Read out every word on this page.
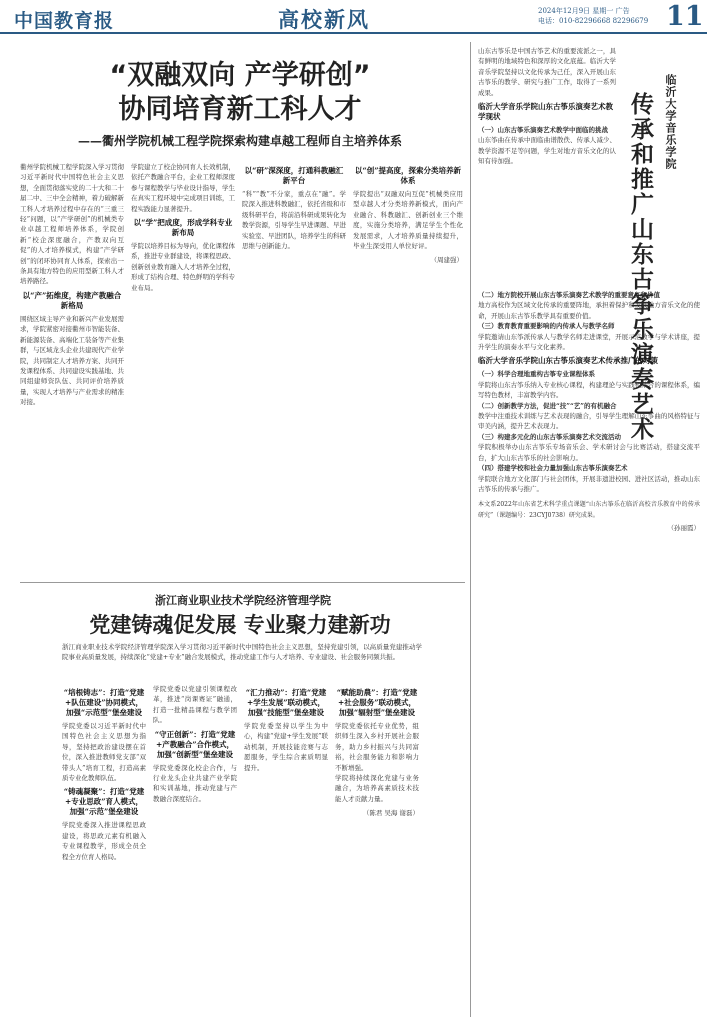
中国教育报	高校新风	2024年12月9日 星期一 广告
电话：010-82296668 82296679 11
“双融双向 产学研创”
协同培育新工科人才
——衢州学院机械工程学院探索构建卓越工程师自主培养体系

衢州学院机械工程学院深入学习贯彻习近平新时代中国特色社会主义思想，全面贯彻落实党的二十大和二十届二中、三中全会精神，着力破解新工科人才培养过程中存在的“三重三轻”问题，以“产学研创”的机械类专业卓越工程师培养体系，学院创新“校企深度融合，产教双向互促”的人才培养模式，构建“产学研创”的闭环协同育人体系，探索出一条具有地方特色的应用型新工科人才培养路径。

以“产”拓维度，构建产教融合新格局

围绕区域主导产业和新兴产业发展需求，学院紧密对接衢州市智能装备、新能源装备、高端化工装备等产业集群，与区域龙头企业共建现代产业学院，共同制定人才培养方案、共同开发课程体系、共同建设实践基地、共同组建师资队伍、共同评价培养质量，实现人才培养与产业需求的精准对接。

学院建立了校企协同育人长效机制，依托产教融合平台，企业工程师深度参与课程教学与毕业设计指导，学生在真实工程环境中完成项目训练，工程实践能力显著提升。

以“学”把成度，形成学科专业新布局

学院以培养目标为导向，优化课程体系，推进专业群建设，将课程思政、创新创业教育融入人才培养全过程，形成了结构合理、特色鲜明的学科专业布局。

以“研”深深度，打通科教融汇新平台

“科”“教”不分家，重点在“融”。学院深入推进科教融汇，依托省级和市级科研平台，将前沿科研成果转化为教学资源，引导学生早进课题、早进实验室、早进团队，培养学生的科研思维与创新能力。

以“创”提高度，探索分类培养新体系

学院提出“双融双向互促”机械类应用型卓越人才分类培养新模式，面向产业融合、科教融汇、创新创业三个维度，实施分类培养，满足学生个性化发展需求，人才培养质量持续提升，毕业生深受用人单位好评。

（周建强）

浙江商业职业技术学院经济管理学院
党建铸魂促发展 专业聚力建新功
浙江商业职业技术学院经济管理学院深入学习贯彻习近平新时代中国特色社会主义思想，坚持党建引领，以高质量党建推动学院事业高质量发展，持续深化“党建+专业”融合发展模式，推动党建工作与人才培养、专业建设、社会服务同频共振。
“培根铸志”：打造“党建+队伍建设”协同模式，加强“示范型”堡垒建设

学院党委以习近平新时代中国特色社会主义思想为指导，坚持把政治建设摆在首位，深入推进教师党支部“双带头人”培育工程，打造高素质专业化教师队伍。

“铸魂凝聚”：打造“党建+专业思政”育人模式，加强“示范”堡垒建设

学院党委深入推进课程思政建设，将思政元素有机融入专业课程教学，形成全员全程全方位育人格局。

学院党委以党建引领课程改革，推进“岗课赛证”融通，打造一批精品课程与教学团队。

“守正创新”：打造“党建+产教融合”合作模式，加强“创新型”堡垒建设

学院党委深化校企合作，与行业龙头企业共建产业学院和实训基地，推动党建与产教融合深度结合。

“汇力推动”：打造“党建+学生发展”联动模式，加强“技能型”堡垒建设

学院党委坚持以学生为中心，构建“党建+学生发展”联动机制，开展技能竞赛与志愿服务，学生综合素质明显提升。

“赋能助農”：打造“党建+社会服务”联动模式，加强“辐射型”堡垒建设

学院党委依托专业优势，组织师生深入乡村开展社会服务，助力乡村振兴与共同富裕，社会服务能力和影响力不断增强。

学院将持续深化党建与业务融合，为培养高素质技术技能人才贡献力量。

（陈君 吴海 谢磊）

临沂大学音乐学院
传承和推广山东古筝乐演奏艺术

山东古筝乐是中国古筝艺术的重要流派之一，具有鲜明的地域特色和深厚的文化底蕴。临沂大学音乐学院坚持以文化传承为己任，深入开展山东古筝乐的教学、研究与推广工作，取得了一系列成果。

临沂大学音乐学院山东古筝乐演奏艺术教学现状

（一）山东古筝乐演奏艺术教学中面临的挑战

山东筝曲在传承中面临曲谱散佚、传承人减少、教学资源不足等问题，学生对地方音乐文化的认知有待加强。

（二）地方院校开展山东古筝乐演奏艺术教学的重要意义和价值

地方高校作为区域文化传承的重要阵地，承担着保护和发展地方音乐文化的使命，开展山东古筝乐教学具有重要价值。

（三）教育教育重要影响的内传承人与教学名师

学院邀请山东筝派传承人与教学名师走进课堂，开展示范教学与学术讲座，提升学生的演奏水平与文化素养。

临沂大学音乐学院山东古筝乐演奏艺术传承推广的对策

（一）科学合理地重构古筝专业课程体系

学院将山东古筝乐纳入专业核心课程，构建理论与实践相结合的课程体系，编写特色教材，丰富教学内容。

（二）创新教学方法，促进“技”“艺”的有机融合

教学中注重技术训练与艺术表现的融合，引导学生理解山东筝曲的风格特征与审美内涵，提升艺术表现力。

（三）构建多元化的山东古筝乐演奏艺术交流活动

学院积极举办山东古筝乐专场音乐会、学术研讨会与比赛活动，搭建交流平台，扩大山东古筝乐的社会影响力。

（四）搭建学校和社会力量加强山东古筝乐演奏艺术

学院联合地方文化部门与社会团体，开展非遗进校园、进社区活动，推动山东古筝乐的传承与推广。

本文系2022年山东省艺术科学重点课题“山东古筝乐在临沂高校音乐教育中的传承研究”（课题编号：23CYJ0738）研究成果。

（孙丽霞）
